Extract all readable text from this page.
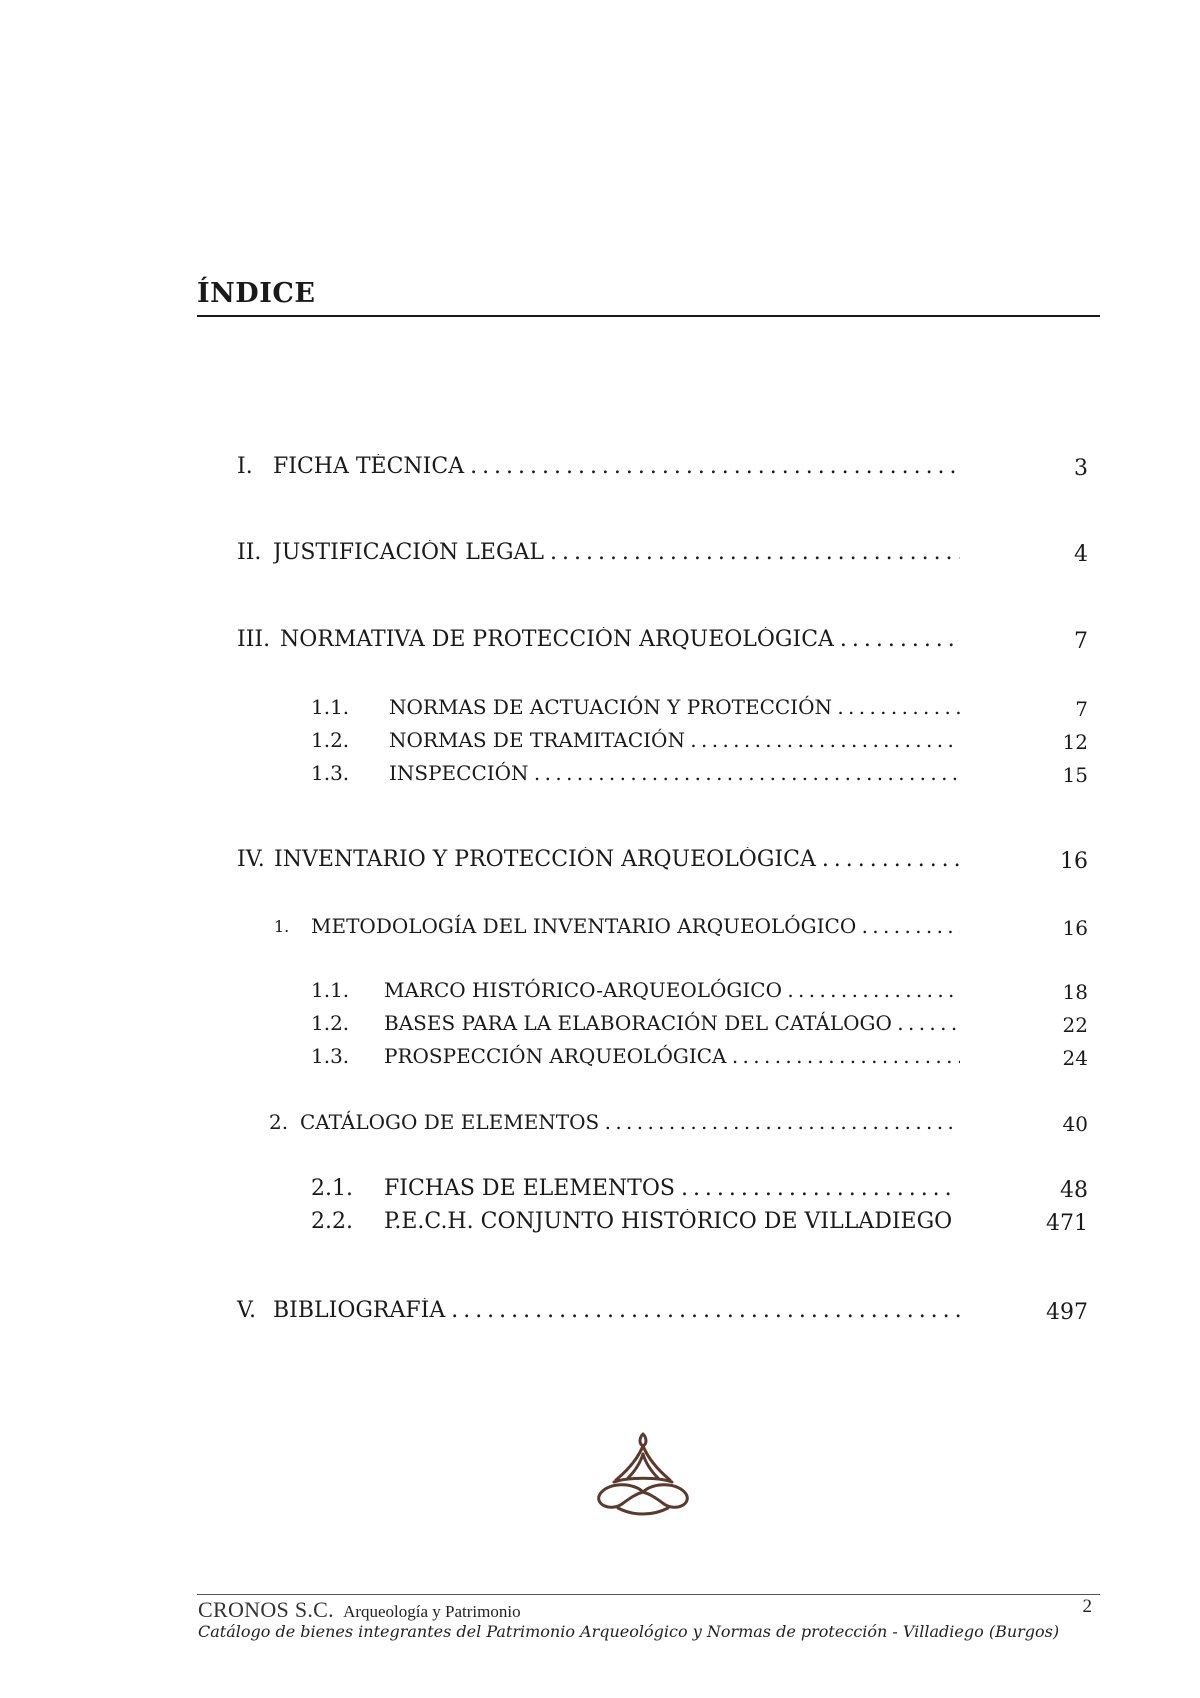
ÍNDICE
I. FICHA TÉCNICA . . .	3
II. JUSTIFICACIÓN LEGAL . . .	4
III. NORMATIVA DE PROTECCIÓN ARQUEOLÓGICA . . .	7
1.1. NORMAS DE ACTUACIÓN Y PROTECCIÓN . . .	7
1.2. NORMAS DE TRAMITACIÓN . . .	12
1.3. INSPECCIÓN . . .	15
IV. INVENTARIO Y PROTECCIÓN ARQUEOLÓGICA . . .	16
1. METODOLOGÍA DEL INVENTARIO ARQUEOLÓGICO . . .	16
1.1. MARCO HISTÓRICO-ARQUEOLÓGICO . . .	18
1.2. BASES PARA LA ELABORACIÓN DEL CATÁLOGO . . .	22
1.3. PROSPECCIÓN ARQUEOLÓGICA . . .	24
2. CATÁLOGO DE ELEMENTOS . . .	40
2.1. FICHAS DE ELEMENTOS . . .	48
2.2. P.E.C.H. CONJUNTO HISTÓRICO DE VILLADIEGO	471
V. BIBLIOGRAFÍA . . .	497
CRONOS S.C. Arqueología y Patrimonio	2
Catálogo de bienes integrantes del Patrimonio Arqueológico y Normas de protección - Villadiego (Burgos)
